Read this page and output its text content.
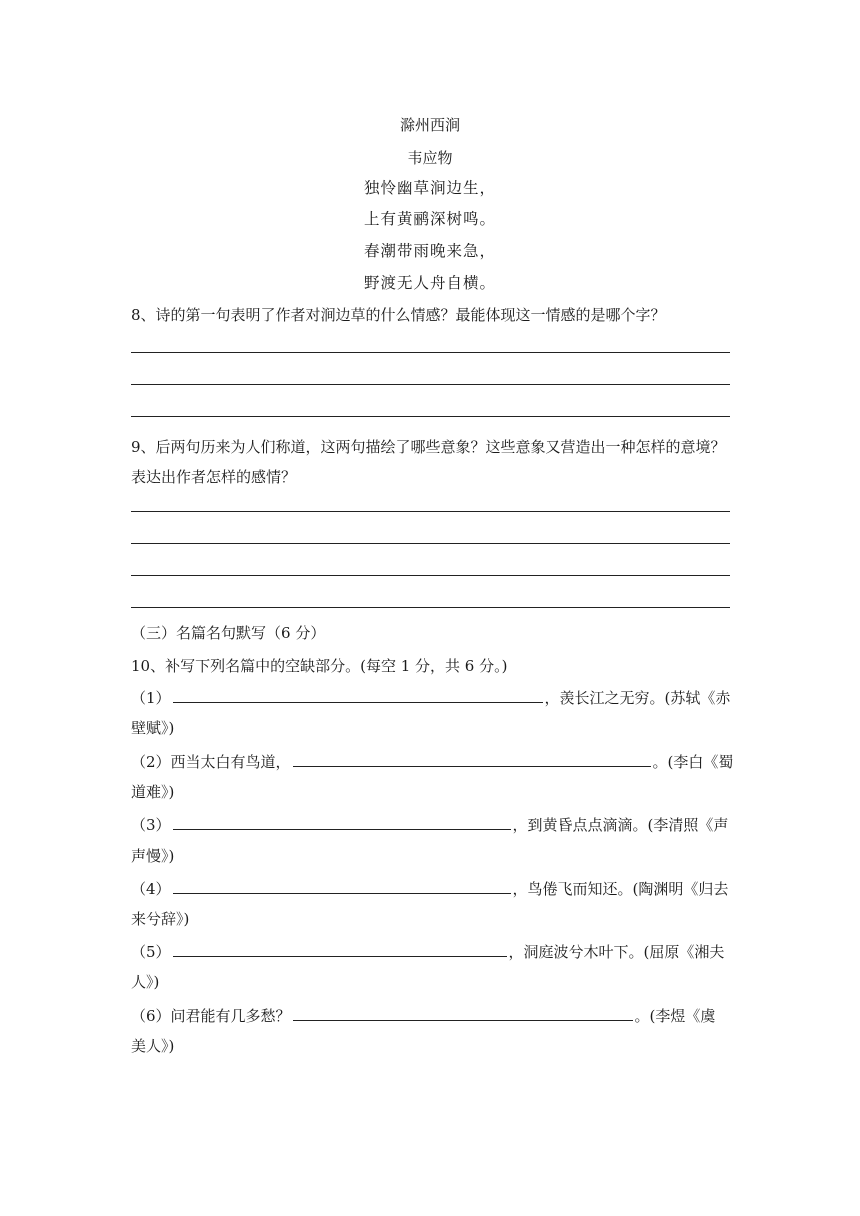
滁州西涧
韦应物
独怜幽草涧边生，
上有黄鹂深树鸣。
春潮带雨晚来急，
野渡无人舟自横。
8、诗的第一句表明了作者对涧边草的什么情感？最能体现这一情感的是哪个字？
9、后两句历来为人们称道，这两句描绘了哪些意象？这些意象又营造出一种怎样的意境？
表达出作者怎样的感情？
（三）名篇名句默写（6 分）
10、补写下列名篇中的空缺部分。(每空 1 分，共 6 分。)
（1）	，羡长江之无穷。(苏轼《赤
壁赋》)
（2）西当太白有鸟道，	。(李白《蜀
道难》)
（3）	，到黄昏点点滴滴。(李清照《声
声慢》)
（4）	，鸟倦飞而知还。(陶渊明《归去
来兮辞》)
（5）	，洞庭波兮木叶下。(屈原《湘夫
人》)
（6）问君能有几多愁？	。(李煜《虞
美人》)
